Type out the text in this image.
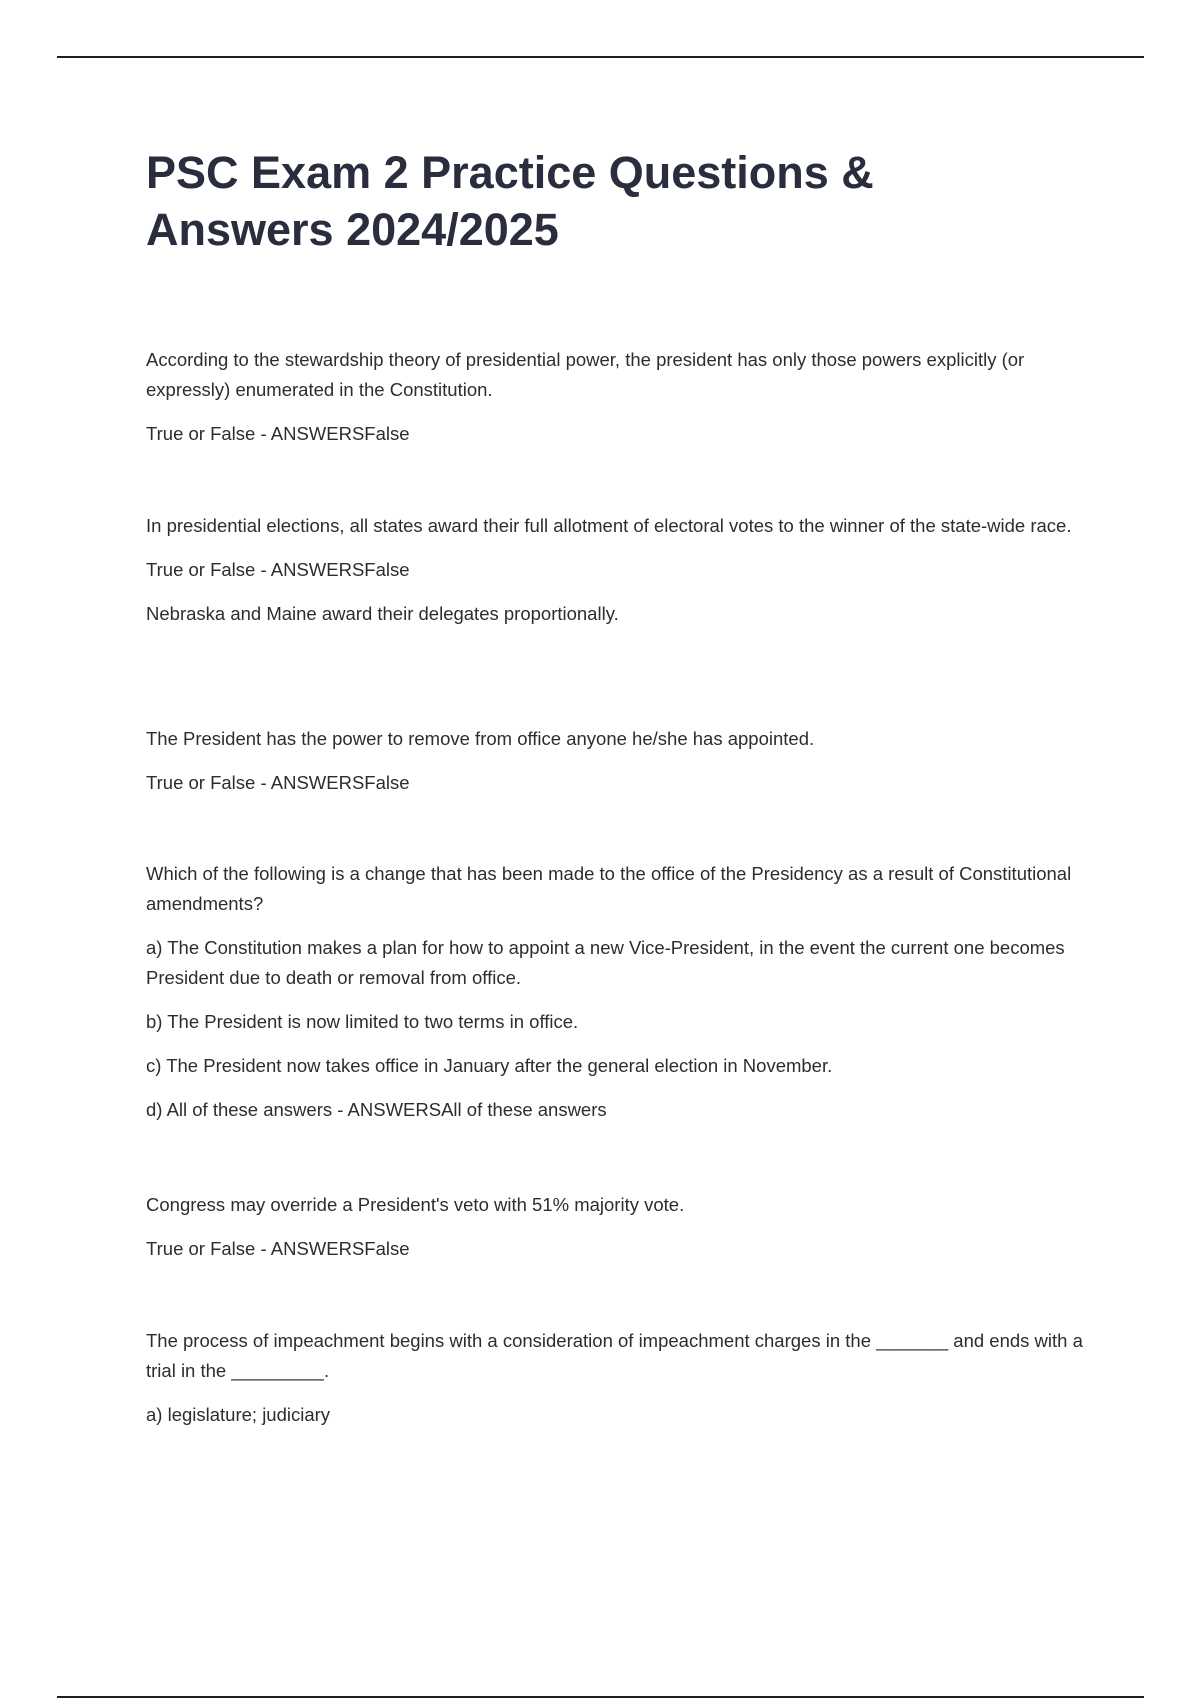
PSC Exam 2 Practice Questions & Answers 2024/2025

According to the stewardship theory of presidential power, the president has only those powers explicitly (or expressly) enumerated in the Constitution.

True or False - ANSWERSFalse

In presidential elections, all states award their full allotment of electoral votes to the winner of the state-wide race.

True or False - ANSWERSFalse

Nebraska and Maine award their delegates proportionally.

The President has the power to remove from office anyone he/she has appointed.

True or False - ANSWERSFalse

Which of the following is a change that has been made to the office of the Presidency as a result of Constitutional amendments?

a) The Constitution makes a plan for how to appoint a new Vice-President, in the event the current one becomes President due to death or removal from office.

b) The President is now limited to two terms in office.

c) The President now takes office in January after the general election in November.

d) All of these answers - ANSWERSAll of these answers

Congress may override a President's veto with 51% majority vote.

True or False - ANSWERSFalse

The process of impeachment begins with a consideration of impeachment charges in the _______ and ends with a trial in the _________.

a) legislature; judiciary
